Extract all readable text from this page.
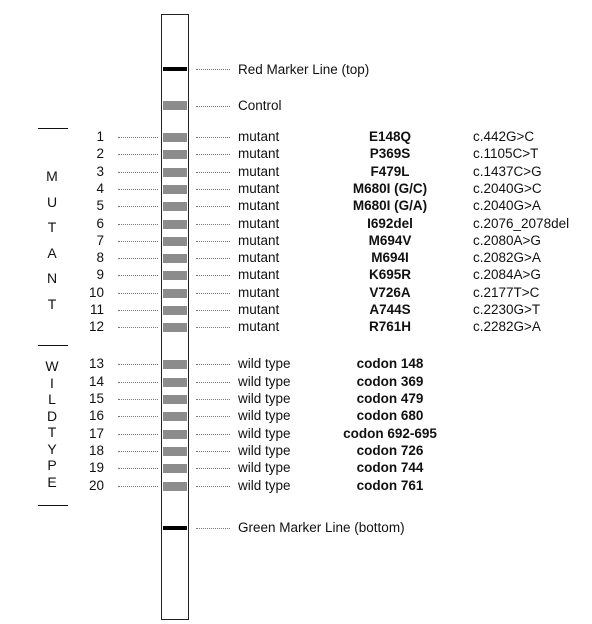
Red Marker Line (top)
Control
M
U
T
A
N
T
W
I
L
D
T
Y
P
E
1	mutant	E148Q	c.442G>C
2	mutant	P369S	c.1105C>T
3	mutant	F479L	c.1437C>G
4	mutant	M680I (G/C)	c.2040G>C
5	mutant	M680I (G/A)	c.2040G>A
6	mutant	I692del	c.2076_2078del
7	mutant	M694V	c.2080A>G
8	mutant	M694I	c.2082G>A
9	mutant	K695R	c.2084A>G
10	mutant	V726A	c.2177T>C
11	mutant	A744S	c.2230G>T
12	mutant	R761H	c.2282G>A
13	wild type	codon 148
14	wild type	codon 369
15	wild type	codon 479
16	wild type	codon 680
17	wild type	codon 692-695
18	wild type	codon 726
19	wild type	codon 744
20	wild type	codon 761
Green Marker Line (bottom)
